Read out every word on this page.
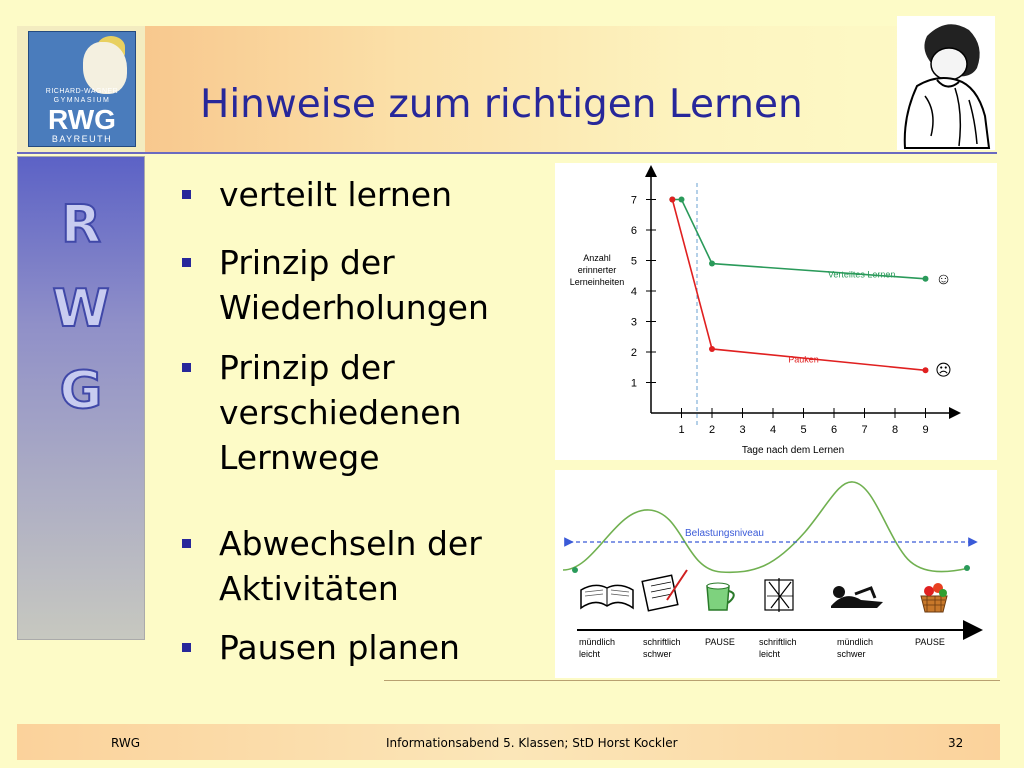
RICHARD-WAGNER
GYMNASIUM
RWG
BAYREUTH
R
W
G
Hinweise zum richtigen Lernen
verteilt lernen
Prinzip der
Wiederholungen
Prinzip der
verschiedenen
Lernwege
Abwechseln der
Aktivitäten
Pausen planen
1 2 3 4 5 6 7 8 9
1
2
3
4
5
6
7
Verteiltes Lernen ☺
Pauken
☹
Anzahl
erinnerter
Lerneinheiten
Tage nach dem Lernen
Belastungsniveau
mündlich
leicht
schriftlich
schwer
PAUSE	schriftlich
leicht
mündlich
schwer
PAUSE
RWG	Informationsabend 5. Klassen; StD Horst Kockler	32
